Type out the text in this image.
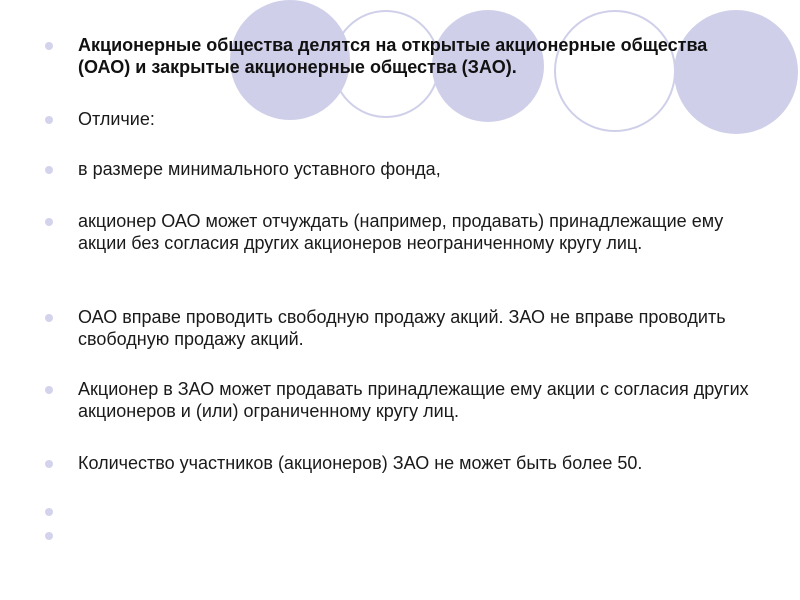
Акционерные общества делятся на открытые акционерные общества (ОАО) и закрытые акционерные общества (ЗАО).
Отличие:
в размере минимального уставного фонда,
акционер ОАО может отчуждать (например, продавать) принадлежащие ему акции без согласия других акционеров неограниченному кругу лиц.
ОАО вправе проводить свободную продажу акций. ЗАО не вправе проводить свободную продажу акций.
Акционер в ЗАО может продавать принадлежащие ему акции с согласия других акционеров и (или) ограниченному кругу лиц.
Количество участников (акционеров) ЗАО не может быть более 50.
